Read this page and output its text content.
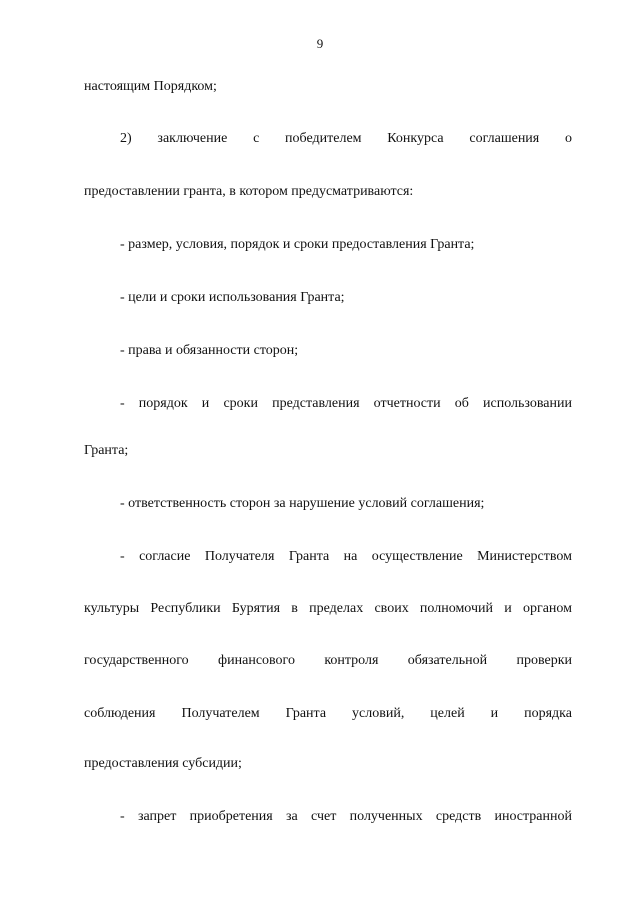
9
настоящим Порядком;
2) заключение с победителем Конкурса соглашения о
предоставлении гранта, в котором предусматриваются:
- размер, условия, порядок и сроки предоставления Гранта;
- цели и сроки использования Гранта;
- права и обязанности сторон;
- порядок и сроки представления отчетности об использовании
Гранта;
- ответственность сторон за нарушение условий соглашения;
- согласие Получателя Гранта на осуществление Министерством
культуры Республики Бурятия в пределах своих полномочий и органом
государственного финансового контроля обязательной проверки
соблюдения Получателем Гранта условий, целей и порядка
предоставления субсидии;
- запрет приобретения за счет полученных средств иностранной
